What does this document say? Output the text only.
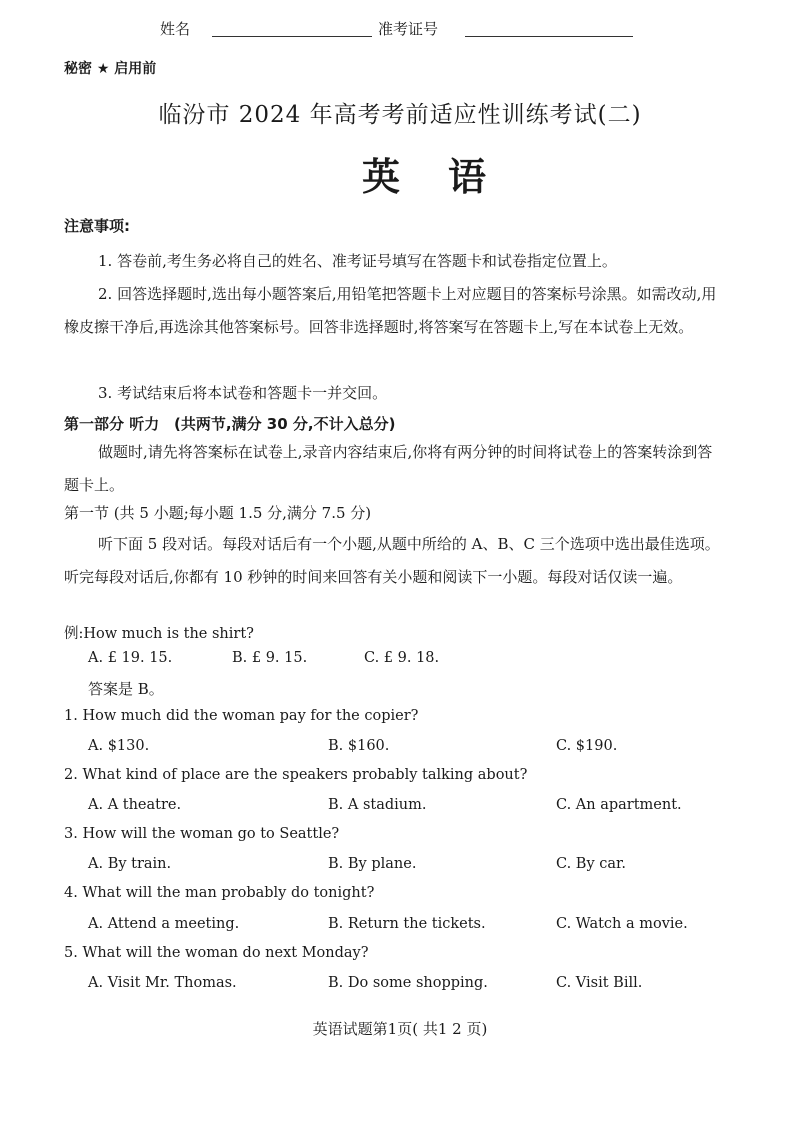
姓名	准考证号
秘密 ★ 启用前
临汾市 2024 年高考考前适应性训练考试(二)
英语
注意事项:
1. 答卷前,考生务必将自己的姓名、准考证号填写在答题卡和试卷指定位置上。
2. 回答选择题时,选出每小题答案后,用铅笔把答题卡上对应题目的答案标号涂黑。如需改动,用橡皮擦干净后,再选涂其他答案标号。回答非选择题时,将答案写在答题卡上,写在本试卷上无效。
3. 考试结束后将本试卷和答题卡一并交回。
第一部分 听力 (共两节,满分 30 分,不计入总分)
做题时,请先将答案标在试卷上,录音内容结束后,你将有两分钟的时间将试卷上的答案转涂到答题卡上。
第一节 (共 5 小题;每小题 1.5 分,满分 7.5 分)
听下面 5 段对话。每段对话后有一个小题,从题中所给的 A、B、C 三个选项中选出最佳选项。听完每段对话后,你都有 10 秒钟的时间来回答有关小题和阅读下一小题。每段对话仅读一遍。
例:How much is the shirt?
A. £ 19. 15.	B. £ 9. 15.	C. £ 9. 18.
答案是 B。
1. How much did the woman pay for the copier?
A. $130.	B. $160.	C. $190.
2. What kind of place are the speakers probably talking about?
A. A theatre.	B. A stadium.	C. An apartment.
3. How will the woman go to Seattle?
A. By train.	B. By plane.	C. By car.
4. What will the man probably do tonight?
A. Attend a meeting.	B. Return the tickets.	C. Watch a movie.
5. What will the woman do next Monday?
A. Visit Mr. Thomas.	B. Do some shopping.	C. Visit Bill.
英语试题第1页( 共1 2 页)
